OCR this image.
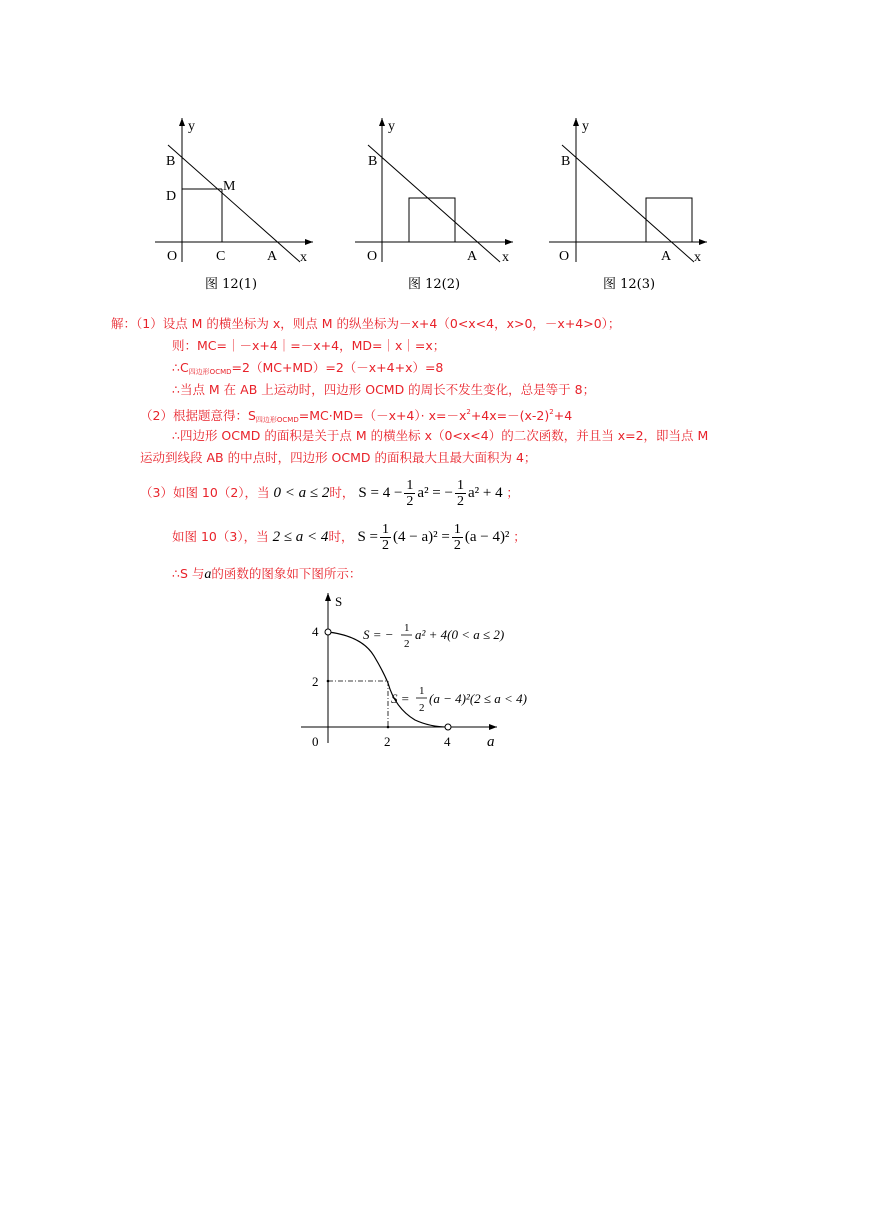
y
B
D
M
O	C	A x
图 12(1)
y
B
O	A x
图 12(2)
y
B
O	A x
图 12(3)
解：（1）设点 M 的横坐标为 x，则点 M 的纵坐标为－x+4（0<x<4，x>0，－x+4>0）；
则：MC=｜－x+4｜=－x+4，MD=｜x｜=x；
$\therefore C_{四边形OCMD}=2(MC+MD)=2(-x+4+x)=8$
∴当点 M 在 AB 上运动时，四边形 OCMD 的周长不发生变化，总是等于 8；
（2）根据题意得：$S_{四边形OCMD}=MC\cdot MD=(-x+4)\cdot x=-x^2+4x=-(x-2)^2+4$
∴四边形 OCMD 的面积是关于点 M 的横坐标 x（0<x<4）的二次函数，并且当 x=2，即当点 M
运动到线段 AB 的中点时，四边形 OCMD 的面积最大且最大面积为 4；
（3）如图 10（2），当 0 < a ≤ 2时， $S = 4 - \frac{1}{2} a^2$ = − $\frac{1}{2} a^2 + 4$ ；
如图 10（3），当 2 ≤ a < 4时， $S = \frac{1}{2} (4 - a)^2 = \frac{1}{2} (a - 4)^2$ ；
∴S 与a的函数的图象如下图所示：
S
4
2
0	2	4 a
S = − 1
2
a² + 4(0 < a ≤ 2)
S = 1
2
(a − 4)²(2 ≤ a < 4)
